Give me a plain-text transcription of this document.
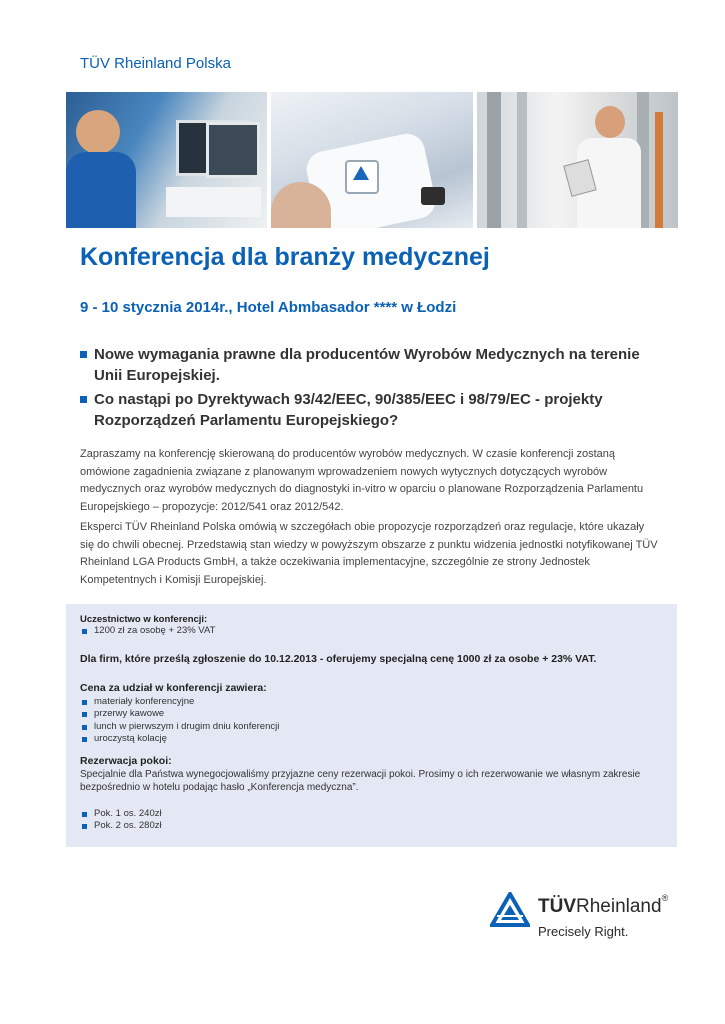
TÜV Rheinland Polska
Konferencja dla branży medycznej
9 - 10 stycznia 2014r., Hotel Abmbasador **** w Łodzi
Nowe wymagania prawne dla producentów Wyrobów Medycznych na terenie Unii Europejskiej.
Co nastąpi po Dyrektywach 93/42/EEC, 90/385/EEC i 98/79/EC - projekty Rozporządzeń Parlamentu Europejskiego?

Zapraszamy na konferencję skierowaną do producentów wyrobów medycznych. W czasie konferencji zostaną omówione zagadnienia związane z planowanym wprowadzeniem nowych wytycznych dotyczących wyrobów medycznych oraz wyrobów medycznych do diagnostyki in-vitro w oparciu o planowane Rozporządzenia Parlamentu Europejskiego – propozycje: 2012/541 oraz 2012/542.

Eksperci TÜV Rheinland Polska omówią w szczegółach obie propozycje rozporządzeń oraz regulacje, które ukazały się do chwili obecnej. Przedstawią stan wiedzy w powyższym obszarze z punktu widzenia jednostki notyfikowanej TÜV Rheinland LGA Products GmbH, a także oczekiwania implementacyjne, szczególnie ze strony Jednostek Kompetentnych i Komisji Europejskiej.

Uczestnictwo w konferencji:
1200 zł za osobę + 23% VAT
Dla firm, które prześlą zgłoszenie do 10.12.2013 - oferujemy specjalną cenę 1000 zł za osobe + 23% VAT.
Cena za udział w konferencji zawiera:
materiały konferencyjne
przerwy kawowe
lunch w pierwszym i drugim dniu konferencji
uroczystą kolację
Rezerwacja pokoi:

Specjalnie dla Państwa wynegocjowaliśmy przyjazne ceny rezerwacji pokoi. Prosimy o ich rezerwowanie we własnym zakresie bezpośrednio w hotelu podając hasło „Konferencja medyczna”.

Pok. 1 os. 240zł
Pok. 2 os. 280zł
TÜVRheinland®
Precisely Right.
